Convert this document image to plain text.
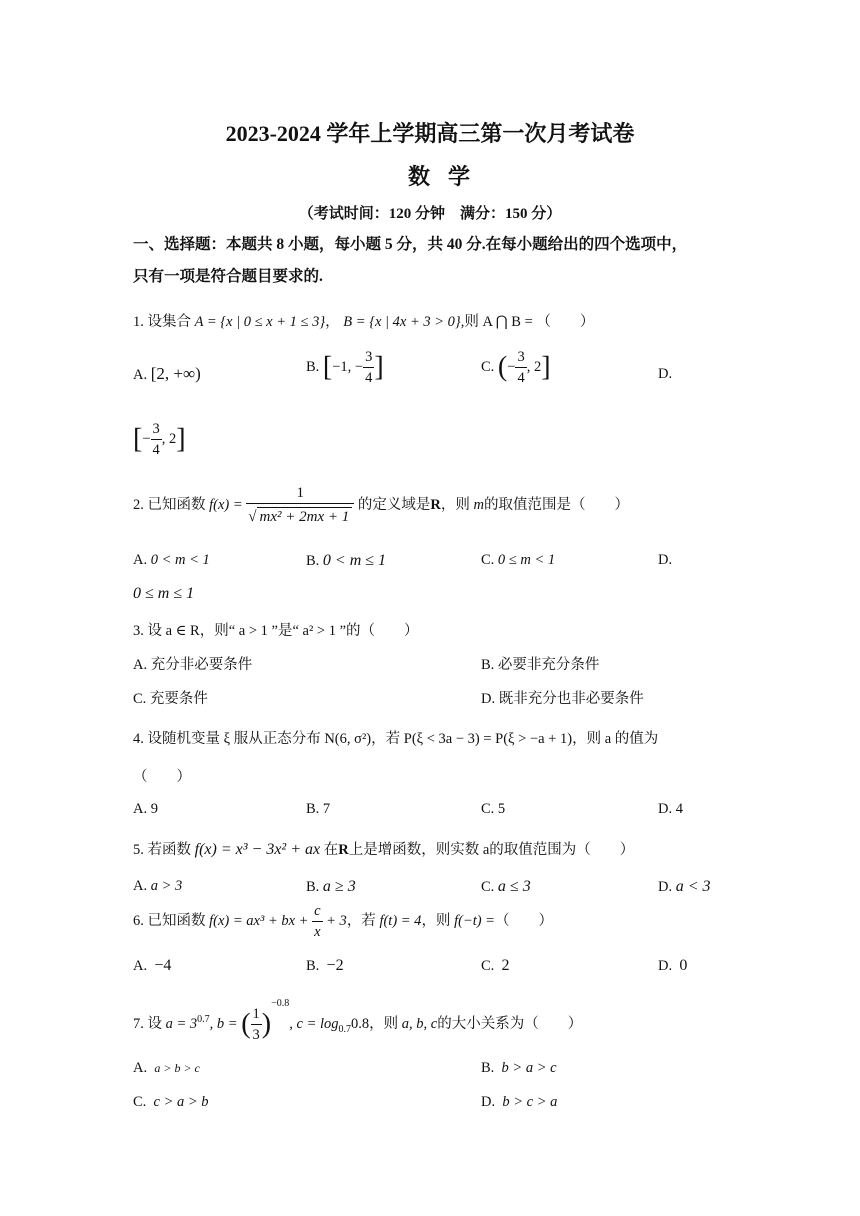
2023-2024 学年上学期高三第一次月考试卷
数学
（考试时间：120 分钟　满分：150 分）
一、选择题：本题共 8 小题，每小题 5 分，共 40 分.在每小题给出的四个选项中，
只有一项是符合题目要求的.
1. 设集合 A = {x | 0 ≤ x + 1 ≤ 3}， B = {x | 4x + 3 > 0},则 A ⋂ B = （　　）
A. [2, +∞)	B. [−1, − $\frac{3}{4}$ ]	C. (− $\frac{3}{4}$ , 2]	D.
[− $\frac{3}{4}$ , 2]
2. 已知函数 $f(x) = \frac{1}{\text{√ mx² + 2mx + 1}}$ 的定义域是R，则 m的取值范围是（　　）
A. 0 < m < 1	B. 0 < m ≤ 1	C. 0 ≤ m < 1	D.
0 ≤ m ≤ 1
3. 设 a ∈ R，则“ a > 1 ”是“ a² > 1 ”的（　　）
A. 充分非必要条件	B. 必要非充分条件
C. 充要条件	D. 既非充分也非必要条件
4. 设随机变量 ξ 服从正态分布 N(6, σ²)，若 P(ξ < 3a − 3) = P(ξ > −a + 1)，则 a 的值为
（　　）
A. 9	B. 7	C. 5	D. 4
5. 若函数 f(x) = x³ − 3x² + ax 在R上是增函数，则实数 a的取值范围为（　　）
A. a > 3	B. a ≥ 3	C. a ≤ 3	D. a < 3
6. 已知函数 f(x) = ax³ + bx + $\frac{c}{x} + 3$，若 f(t) = 4，则 f(−t) =（　　）
A. −4	B. −2	C. 2	D. 0
7. 设 $a = 3^{0.7}$, b = ( $\frac{1}{3} )^{-0.8}$, $c = \log_{0.7}0.8$，则 a, b, c的大小关系为（　　）
A. a > b > c	B. b > a > c
C. c > a > b	D. b > c > a
